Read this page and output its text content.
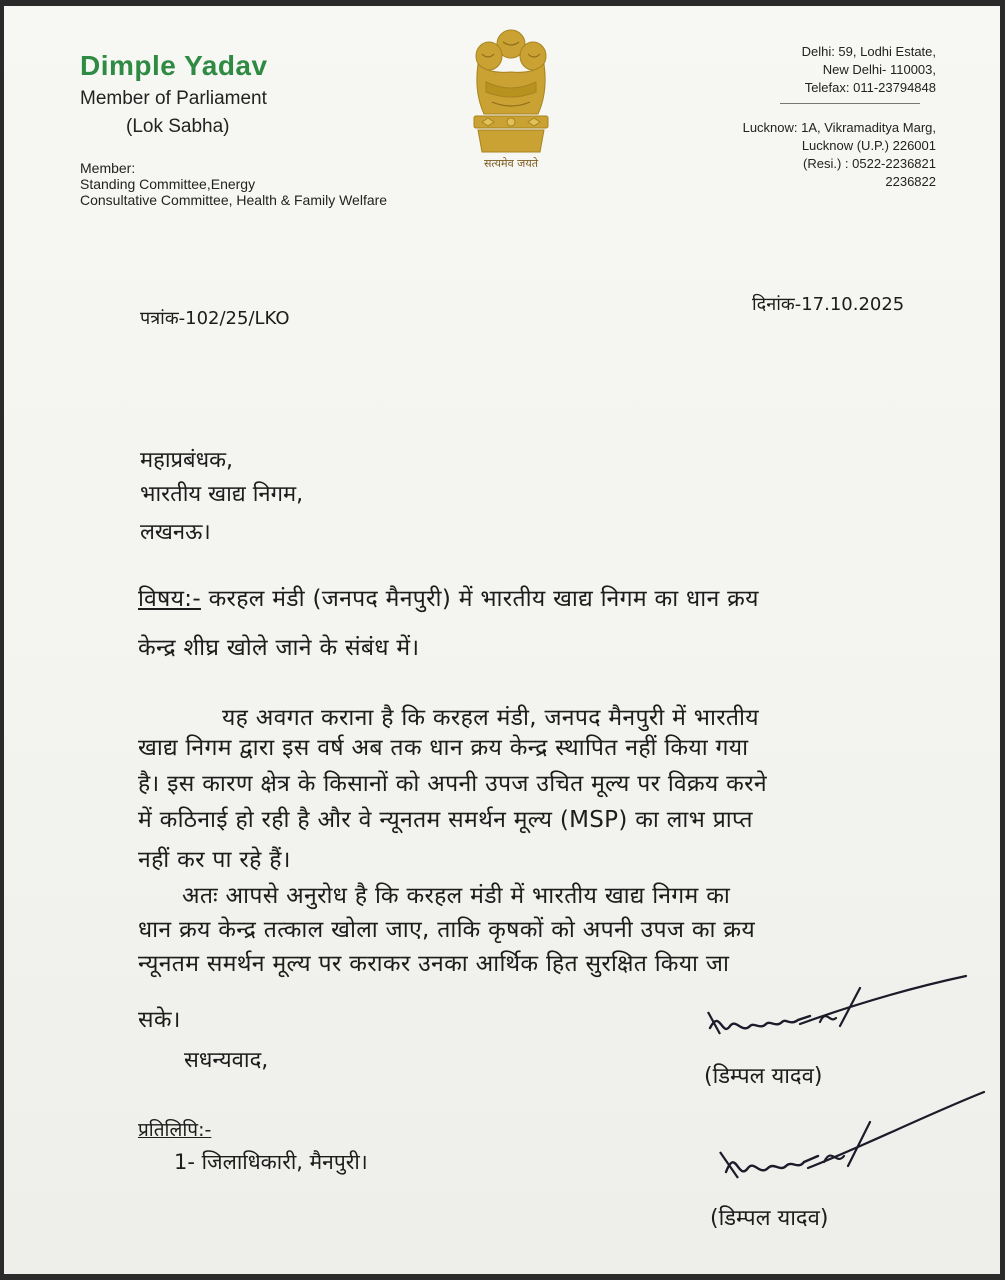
Dimple Yadav
Member of Parliament
(Lok Sabha)
Member:
Standing Committee,Energy
Consultative Committee, Health & Family Welfare
सत्यमेव जयते
Delhi: 59, Lodhi Estate,
New Delhi- 110003,
Telefax: 011-23794848
Lucknow: 1A, Vikramaditya Marg,
Lucknow (U.P.) 226001
(Resi.) : 0522-2236821
2236822
पत्रांक-102/25/LKO
दिनांक-17.10.2025
महाप्रबंधक,
भारतीय खाद्य निगम,
लखनऊ।
विषय:- करहल मंडी (जनपद मैनपुरी) में भारतीय खाद्य निगम का धान क्रय
केन्द्र शीघ्र खोले जाने के संबंध में।
यह अवगत कराना है कि करहल मंडी, जनपद मैनपुरी में भारतीय
खाद्य निगम द्वारा इस वर्ष अब तक धान क्रय केन्द्र स्थापित नहीं किया गया
है। इस कारण क्षेत्र के किसानों को अपनी उपज उचित मूल्य पर विक्रय करने
में कठिनाई हो रही है और वे न्यूनतम समर्थन मूल्य (MSP) का लाभ प्राप्त
नहीं कर पा रहे हैं।
अतः आपसे अनुरोध है कि करहल मंडी में भारतीय खाद्य निगम का
धान क्रय केन्द्र तत्काल खोला जाए, ताकि कृषकों को अपनी उपज का क्रय
न्यूनतम समर्थन मूल्य पर कराकर उनका आर्थिक हित सुरक्षित किया जा
सके।
सधन्यवाद,
(डिम्पल यादव)
प्रतिलिपि:-
1- जिलाधिकारी, मैनपुरी।
(डिम्पल यादव)
